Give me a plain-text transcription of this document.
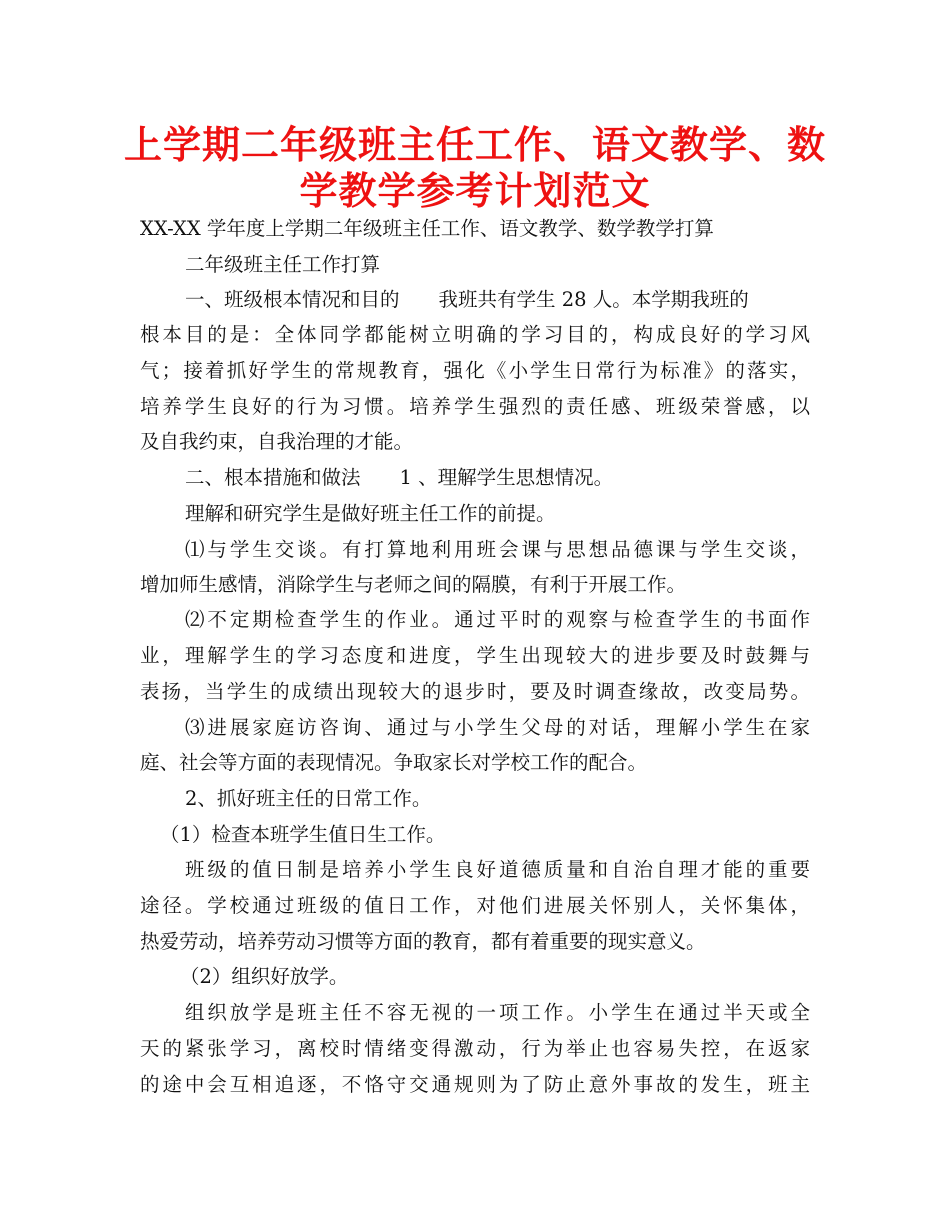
上学期二年级班主任工作、语文教学、数
学教学参考计划范文
XX-XX 学年度上学期二年级班主任工作、语文教学、数学教学打算
二年级班主任工作打算
一、班级根本情况和目的　　我班共有学生 28 人。本学期我班的
根本目的是：全体同学都能树立明确的学习目的，构成良好的学习风
气；接着抓好学生的常规教育，强化《小学生日常行为标准》的落实，
培养学生良好的行为习惯。培养学生强烈的责任感、班级荣誉感，以
及自我约束，自我治理的才能。
二、根本措施和做法　　1 、理解学生思想情况。
理解和研究学生是做好班主任工作的前提。
⑴与学生交谈。有打算地利用班会课与思想品德课与学生交谈，
增加师生感情，消除学生与老师之间的隔膜，有利于开展工作。
⑵不定期检查学生的作业。通过平时的观察与检查学生的书面作
业，理解学生的学习态度和进度，学生出现较大的进步要及时鼓舞与
表扬，当学生的成绩出现较大的退步时，要及时调查缘故，改变局势。
⑶进展家庭访咨询、通过与小学生父母的对话，理解小学生在家
庭、社会等方面的表现情况。争取家长对学校工作的配合。
2、抓好班主任的日常工作。
（1）检查本班学生值日生工作。
班级的值日制是培养小学生良好道德质量和自治自理才能的重要
途径。学校通过班级的值日工作，对他们进展关怀别人，关怀集体，
热爱劳动，培养劳动习惯等方面的教育，都有着重要的现实意义。
（2）组织好放学。
组织放学是班主任不容无视的一项工作。小学生在通过半天或全
天的紧张学习，离校时情绪变得激动，行为举止也容易失控，在返家
的途中会互相追逐，不恪守交通规则为了防止意外事故的发生，班主
